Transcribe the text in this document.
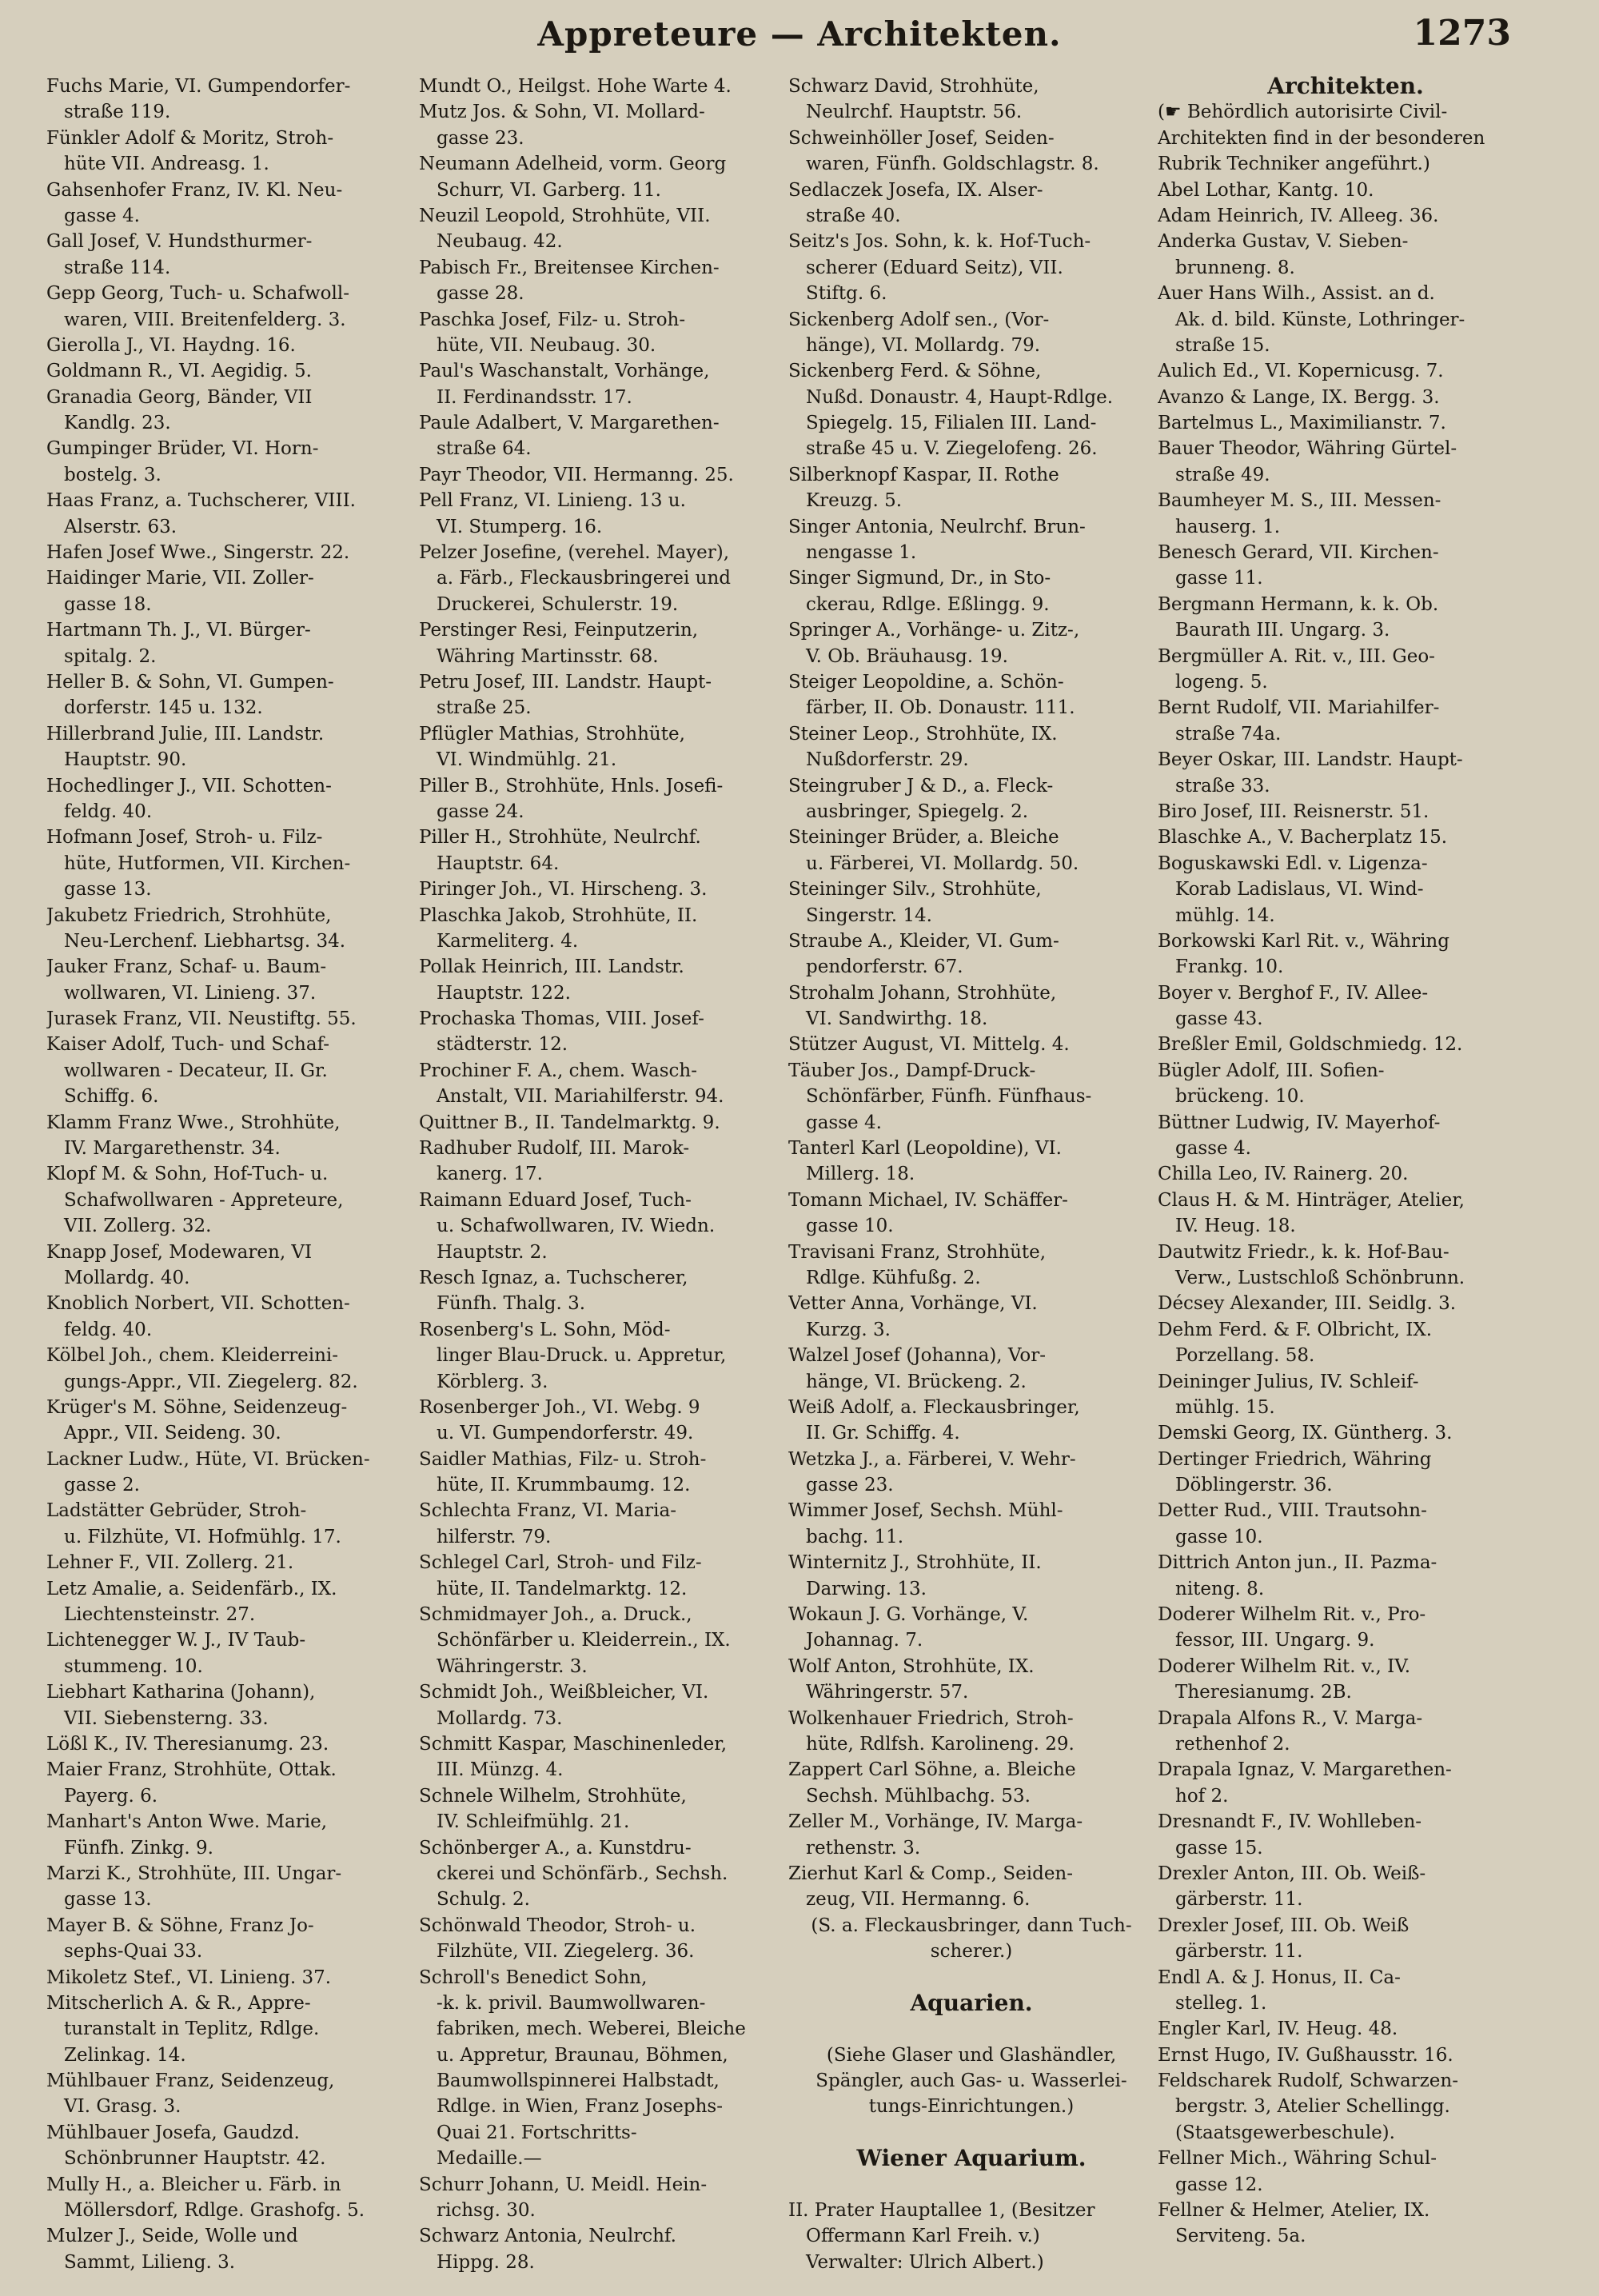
Appreteure — Architekten.	1273
Fuchs Marie, VI. Gumpendorfer-
straße 119.
Fünkler Adolf & Moritz, Stroh-
hüte VII. Andreasg. 1.
Gahsenhofer Franz, IV. Kl. Neu-
gasse 4.
Gall Josef, V. Hundsthurmer-
straße 114.
Gepp Georg, Tuch- u. Schafwoll-
waren, VIII. Breitenfelderg. 3.
Gierolla J., VI. Haydng. 16.
Goldmann R., VI. Aegidig. 5.
Granadia Georg, Bänder, VII
Kandlg. 23.
Gumpinger Brüder, VI. Horn-
bostelg. 3.
Haas Franz, a. Tuchscherer, VIII.
Alserstr. 63.
Hafen Josef Wwe., Singerstr. 22.
Haidinger Marie, VII. Zoller-
gasse 18.
Hartmann Th. J., VI. Bürger-
spitalg. 2.
Heller B. & Sohn, VI. Gumpen-
dorferstr. 145 u. 132.
Hillerbrand Julie, III. Landstr.
Hauptstr. 90.
Hochedlinger J., VII. Schotten-
feldg. 40.
Hofmann Josef, Stroh- u. Filz-
hüte, Hutformen, VII. Kirchen-
gasse 13.
Jakubetz Friedrich, Strohhüte,
Neu-Lerchenf. Liebhartsg. 34.
Jauker Franz, Schaf- u. Baum-
wollwaren, VI. Linieng. 37.
Jurasek Franz, VII. Neustiftg. 55.
Kaiser Adolf, Tuch- und Schaf-
wollwaren - Decateur, II. Gr.
Schiffg. 6.
Klamm Franz Wwe., Strohhüte,
IV. Margarethenstr. 34.
Klopf M. & Sohn, Hof-Tuch- u.
Schafwollwaren - Appreteure,
VII. Zollerg. 32.
Knapp Josef, Modewaren, VI
Mollardg. 40.
Knoblich Norbert, VII. Schotten-
feldg. 40.
Kölbel Joh., chem. Kleiderreini-
gungs-Appr., VII. Ziegelerg. 82.
Krüger's M. Söhne, Seidenzeug-
Appr., VII. Seideng. 30.
Lackner Ludw., Hüte, VI. Brücken-
gasse 2.
Ladstätter Gebrüder, Stroh-
u. Filzhüte, VI. Hofmühlg. 17.
Lehner F., VII. Zollerg. 21.
Letz Amalie, a. Seidenfärb., IX.
Liechtensteinstr. 27.
Lichtenegger W. J., IV Taub-
stummeng. 10.
Liebhart Katharina (Johann),
VII. Siebensterng. 33.
Lößl K., IV. Theresianumg. 23.
Maier Franz, Strohhüte, Ottak.
Payerg. 6.
Manhart's Anton Wwe. Marie,
Fünfh. Zinkg. 9.
Marzi K., Strohhüte, III. Ungar-
gasse 13.
Mayer B. & Söhne, Franz Jo-
sephs-Quai 33.
Mikoletz Stef., VI. Linieng. 37.
Mitscherlich A. & R., Appre-
turanstalt in Teplitz, Rdlge.
Zelinkag. 14.
Mühlbauer Franz, Seidenzeug,
VI. Grasg. 3.
Mühlbauer Josefa, Gaudzd.
Schönbrunner Hauptstr. 42.
Mully H., a. Bleicher u. Färb. in
Möllersdorf, Rdlge. Grashofg. 5.
Mulzer J., Seide, Wolle und
Sammt, Lilieng. 3.
Mundt O., Heilgst. Hohe Warte 4.
Mutz Jos. & Sohn, VI. Mollard-
gasse 23.
Neumann Adelheid, vorm. Georg
Schurr, VI. Garberg. 11.
Neuzil Leopold, Strohhüte, VII.
Neubaug. 42.
Pabisch Fr., Breitensee Kirchen-
gasse 28.
Paschka Josef, Filz- u. Stroh-
hüte, VII. Neubaug. 30.
Paul's Waschanstalt, Vorhänge,
II. Ferdinandsstr. 17.
Paule Adalbert, V. Margarethen-
straße 64.
Payr Theodor, VII. Hermanng. 25.
Pell Franz, VI. Linieng. 13 u.
VI. Stumperg. 16.
Pelzer Josefine, (verehel. Mayer),
a. Färb., Fleckausbringerei und
Druckerei, Schulerstr. 19.
Perstinger Resi, Feinputzerin,
Währing Martinsstr. 68.
Petru Josef, III. Landstr. Haupt-
straße 25.
Pflügler Mathias, Strohhüte,
VI. Windmühlg. 21.
Piller B., Strohhüte, Hnls. Josefi-
gasse 24.
Piller H., Strohhüte, Neulrchf.
Hauptstr. 64.
Piringer Joh., VI. Hirscheng. 3.
Plaschka Jakob, Strohhüte, II.
Karmeliterg. 4.
Pollak Heinrich, III. Landstr.
Hauptstr. 122.
Prochaska Thomas, VIII. Josef-
städterstr. 12.
Prochiner F. A., chem. Wasch-
Anstalt, VII. Mariahilferstr. 94.
Quittner B., II. Tandelmarktg. 9.
Radhuber Rudolf, III. Marok-
kanerg. 17.
Raimann Eduard Josef, Tuch-
u. Schafwollwaren, IV. Wiedn.
Hauptstr. 2.
Resch Ignaz, a. Tuchscherer,
Fünfh. Thalg. 3.
Rosenberg's L. Sohn, Möd-
linger Blau-Druck. u. Appretur,
Körblerg. 3.
Rosenberger Joh., VI. Webg. 9
u. VI. Gumpendorferstr. 49.
Saidler Mathias, Filz- u. Stroh-
hüte, II. Krummbaumg. 12.
Schlechta Franz, VI. Maria-
hilferstr. 79.
Schlegel Carl, Stroh- und Filz-
hüte, II. Tandelmarktg. 12.
Schmidmayer Joh., a. Druck.,
Schönfärber u. Kleiderrein., IX.
Währingerstr. 3.
Schmidt Joh., Weißbleicher, VI.
Mollardg. 73.
Schmitt Kaspar, Maschinenleder,
III. Münzg. 4.
Schnele Wilhelm, Strohhüte,
IV. Schleifmühlg. 21.
Schönberger A., a. Kunstdru-
ckerei und Schönfärb., Sechsh.
Schulg. 2.
Schönwald Theodor, Stroh- u.
Filzhüte, VII. Ziegelerg. 36.
Schroll's Benedict Sohn,
-k. k. privil. Baumwollwaren-
fabriken, mech. Weberei, Bleiche
u. Appretur, Braunau, Böhmen,
Baumwollspinnerei Halbstadt,
Rdlge. in Wien, Franz Josephs-
Quai 21. Fortschritts-
Medaille.—
Schurr Johann, U. Meidl. Hein-
richsg. 30.
Schwarz Antonia, Neulrchf.
Hippg. 28.
Schwarz David, Strohhüte,
Neulrchf. Hauptstr. 56.
Schweinhöller Josef, Seiden-
waren, Fünfh. Goldschlagstr. 8.
Sedlaczek Josefa, IX. Alser-
straße 40.
Seitz's Jos. Sohn, k. k. Hof-Tuch-
scherer (Eduard Seitz), VII.
Stiftg. 6.
Sickenberg Adolf sen., (Vor-
hänge), VI. Mollardg. 79.
Sickenberg Ferd. & Söhne,
Nußd. Donaustr. 4, Haupt-Rdlge.
Spiegelg. 15, Filialen III. Land-
straße 45 u. V. Ziegelofeng. 26.
Silberknopf Kaspar, II. Rothe
Kreuzg. 5.
Singer Antonia, Neulrchf. Brun-
nengasse 1.
Singer Sigmund, Dr., in Sto-
ckerau, Rdlge. Eßlingg. 9.
Springer A., Vorhänge- u. Zitz-,
V. Ob. Bräuhausg. 19.
Steiger Leopoldine, a. Schön-
färber, II. Ob. Donaustr. 111.
Steiner Leop., Strohhüte, IX.
Nußdorferstr. 29.
Steingruber J & D., a. Fleck-
ausbringer, Spiegelg. 2.
Steininger Brüder, a. Bleiche
u. Färberei, VI. Mollardg. 50.
Steininger Silv., Strohhüte,
Singerstr. 14.
Straube A., Kleider, VI. Gum-
pendorferstr. 67.
Strohalm Johann, Strohhüte,
VI. Sandwirthg. 18.
Stützer August, VI. Mittelg. 4.
Täuber Jos., Dampf-Druck-
Schönfärber, Fünfh. Fünfhaus-
gasse 4.
Tanterl Karl (Leopoldine), VI.
Millerg. 18.
Tomann Michael, IV. Schäffer-
gasse 10.
Travisani Franz, Strohhüte,
Rdlge. Kühfußg. 2.
Vetter Anna, Vorhänge, VI.
Kurzg. 3.
Walzel Josef (Johanna), Vor-
hänge, VI. Brückeng. 2.
Weiß Adolf, a. Fleckausbringer,
II. Gr. Schiffg. 4.
Wetzka J., a. Färberei, V. Wehr-
gasse 23.
Wimmer Josef, Sechsh. Mühl-
bachg. 11.
Winternitz J., Strohhüte, II.
Darwing. 13.
Wokaun J. G. Vorhänge, V.
Johannag. 7.
Wolf Anton, Strohhüte, IX.
Währingerstr. 57.
Wolkenhauer Friedrich, Stroh-
hüte, Rdlfsh. Karolineng. 29.
Zappert Carl Söhne, a. Bleiche
Sechsh. Mühlbachg. 53.
Zeller M., Vorhänge, IV. Marga-
rethenstr. 3.
Zierhut Karl & Comp., Seiden-
zeug, VII. Hermanng. 6.
(S. a. Fleckausbringer, dann Tuch-
scherer.)
Aquarien.
(Siehe Glaser und Glashändler,
Spängler, auch Gas- u. Wasserlei-
tungs-Einrichtungen.)
Wiener Aquarium.
II. Prater Hauptallee 1, (Besitzer
Offermann Karl Freih. v.)
Verwalter: Ulrich Albert.)
Architekten.
(☛ Behördlich autorisirte Civil-
Architekten find in der besonderen
Rubrik Techniker angeführt.)
Abel Lothar, Kantg. 10.
Adam Heinrich, IV. Alleeg. 36.
Anderka Gustav, V. Sieben-
brunneng. 8.
Auer Hans Wilh., Assist. an d.
Ak. d. bild. Künste, Lothringer-
straße 15.
Aulich Ed., VI. Kopernicusg. 7.
Avanzo & Lange, IX. Bergg. 3.
Bartelmus L., Maximilianstr. 7.
Bauer Theodor, Währing Gürtel-
straße 49.
Baumheyer M. S., III. Messen-
hauserg. 1.
Benesch Gerard, VII. Kirchen-
gasse 11.
Bergmann Hermann, k. k. Ob.
Baurath III. Ungarg. 3.
Bergmüller A. Rit. v., III. Geo-
logeng. 5.
Bernt Rudolf, VII. Mariahilfer-
straße 74a.
Beyer Oskar, III. Landstr. Haupt-
straße 33.
Biro Josef, III. Reisnerstr. 51.
Blaschke A., V. Bacherplatz 15.
Boguskawski Edl. v. Ligenza-
Korab Ladislaus, VI. Wind-
mühlg. 14.
Borkowski Karl Rit. v., Währing
Frankg. 10.
Boyer v. Berghof F., IV. Allee-
gasse 43.
Breßler Emil, Goldschmiedg. 12.
Bügler Adolf, III. Sofien-
brückeng. 10.
Büttner Ludwig, IV. Mayerhof-
gasse 4.
Chilla Leo, IV. Rainerg. 20.
Claus H. & M. Hinträger, Atelier,
IV. Heug. 18.
Dautwitz Friedr., k. k. Hof-Bau-
Verw., Lustschloß Schönbrunn.
Décsey Alexander, III. Seidlg. 3.
Dehm Ferd. & F. Olbricht, IX.
Porzellang. 58.
Deininger Julius, IV. Schleif-
mühlg. 15.
Demski Georg, IX. Güntherg. 3.
Dertinger Friedrich, Währing
Döblingerstr. 36.
Detter Rud., VIII. Trautsohn-
gasse 10.
Dittrich Anton jun., II. Pazma-
niteng. 8.
Doderer Wilhelm Rit. v., Pro-
fessor, III. Ungarg. 9.
Doderer Wilhelm Rit. v., IV.
Theresianumg. 2B.
Drapala Alfons R., V. Marga-
rethenhof 2.
Drapala Ignaz, V. Margarethen-
hof 2.
Dresnandt F., IV. Wohlleben-
gasse 15.
Drexler Anton, III. Ob. Weiß-
gärberstr. 11.
Drexler Josef, III. Ob. Weiß
gärberstr. 11.
Endl A. & J. Honus, II. Ca-
stelleg. 1.
Engler Karl, IV. Heug. 48.
Ernst Hugo, IV. Gußhausstr. 16.
Feldscharek Rudolf, Schwarzen-
bergstr. 3, Atelier Schellingg.
(Staatsgewerbeschule).
Fellner Mich., Währing Schul-
gasse 12.
Fellner & Helmer, Atelier, IX.
Serviteng. 5a.
